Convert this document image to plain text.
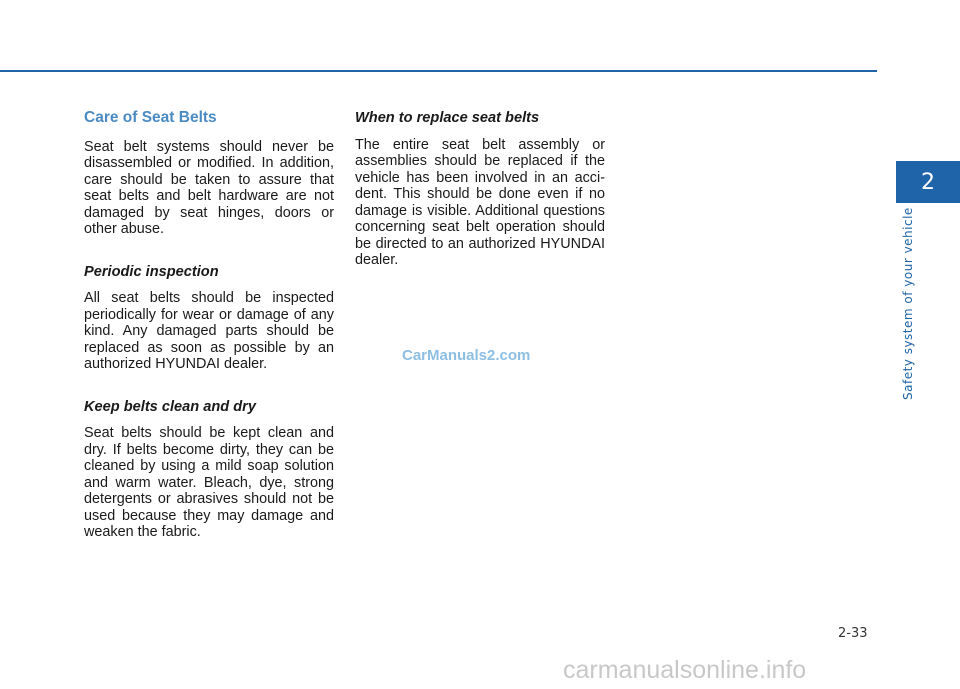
Care of Seat Belts

Seat belt systems should never be disassembled or modified. In addition, care should be taken to assure that seat belts and belt hardware are not damaged by seat hinges, doors or other abuse.

Periodic inspection

All seat belts should be inspected periodically for wear or damage of any kind. Any damaged parts should be replaced as soon as possible by an authorized HYUNDAI dealer.

Keep belts clean and dry

Seat belts should be kept clean and dry. If belts become dirty, they can be cleaned by using a mild soap solution and warm water. Bleach, dye, strong detergents or abrasives should not be used because they may damage and weaken the fabric.

When to replace seat belts

The entire seat belt assembly or assemblies should be replaced if the vehicle has been involved in an accident. This should be done even if no damage is visible. Additional questions concerning seat belt operation should be directed to an authorized HYUNDAI dealer.

2
Safety system of your vehicle
CarManuals2.com
2-33
carmanualsonline.info
